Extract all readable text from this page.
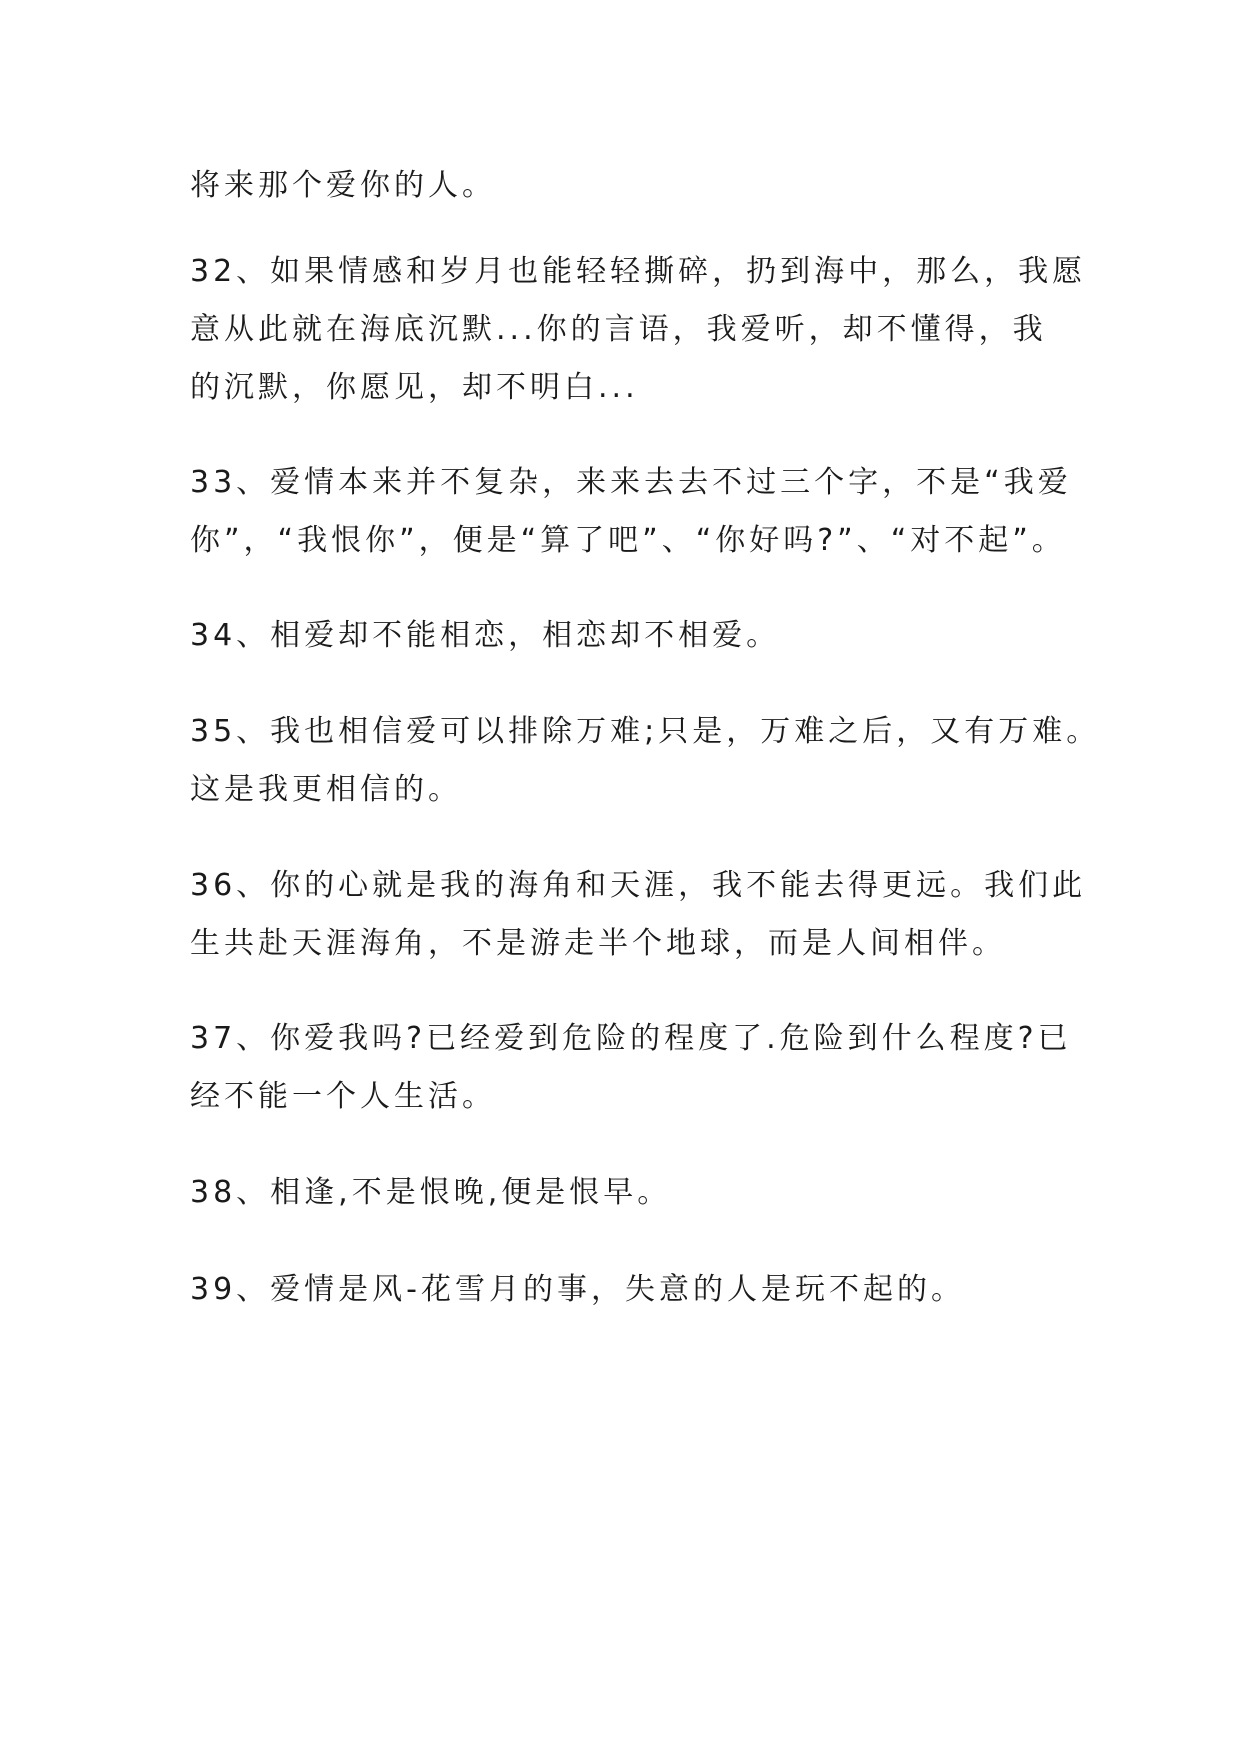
将来那个爱你的人。

32、如果情感和岁月也能轻轻撕碎，扔到海中，那么，我愿

意从此就在海底沉默...你的言语，我爱听，却不懂得，我

的沉默，你愿见，却不明白...

33、爱情本来并不复杂，来来去去不过三个字，不是“我爱

你”，“我恨你”，便是“算了吧”、“你好吗?”、“对不起”。

34、相爱却不能相恋，相恋却不相爱。

35、我也相信爱可以排除万难;只是，万难之后，又有万难。

这是我更相信的。

36、你的心就是我的海角和天涯，我不能去得更远。我们此

生共赴天涯海角，不是游走半个地球，而是人间相伴。

37、你爱我吗?已经爱到危险的程度了.危险到什么程度?已

经不能一个人生活。

38、相逢,不是恨晚,便是恨早。

39、爱情是风-花雪月的事，失意的人是玩不起的。
